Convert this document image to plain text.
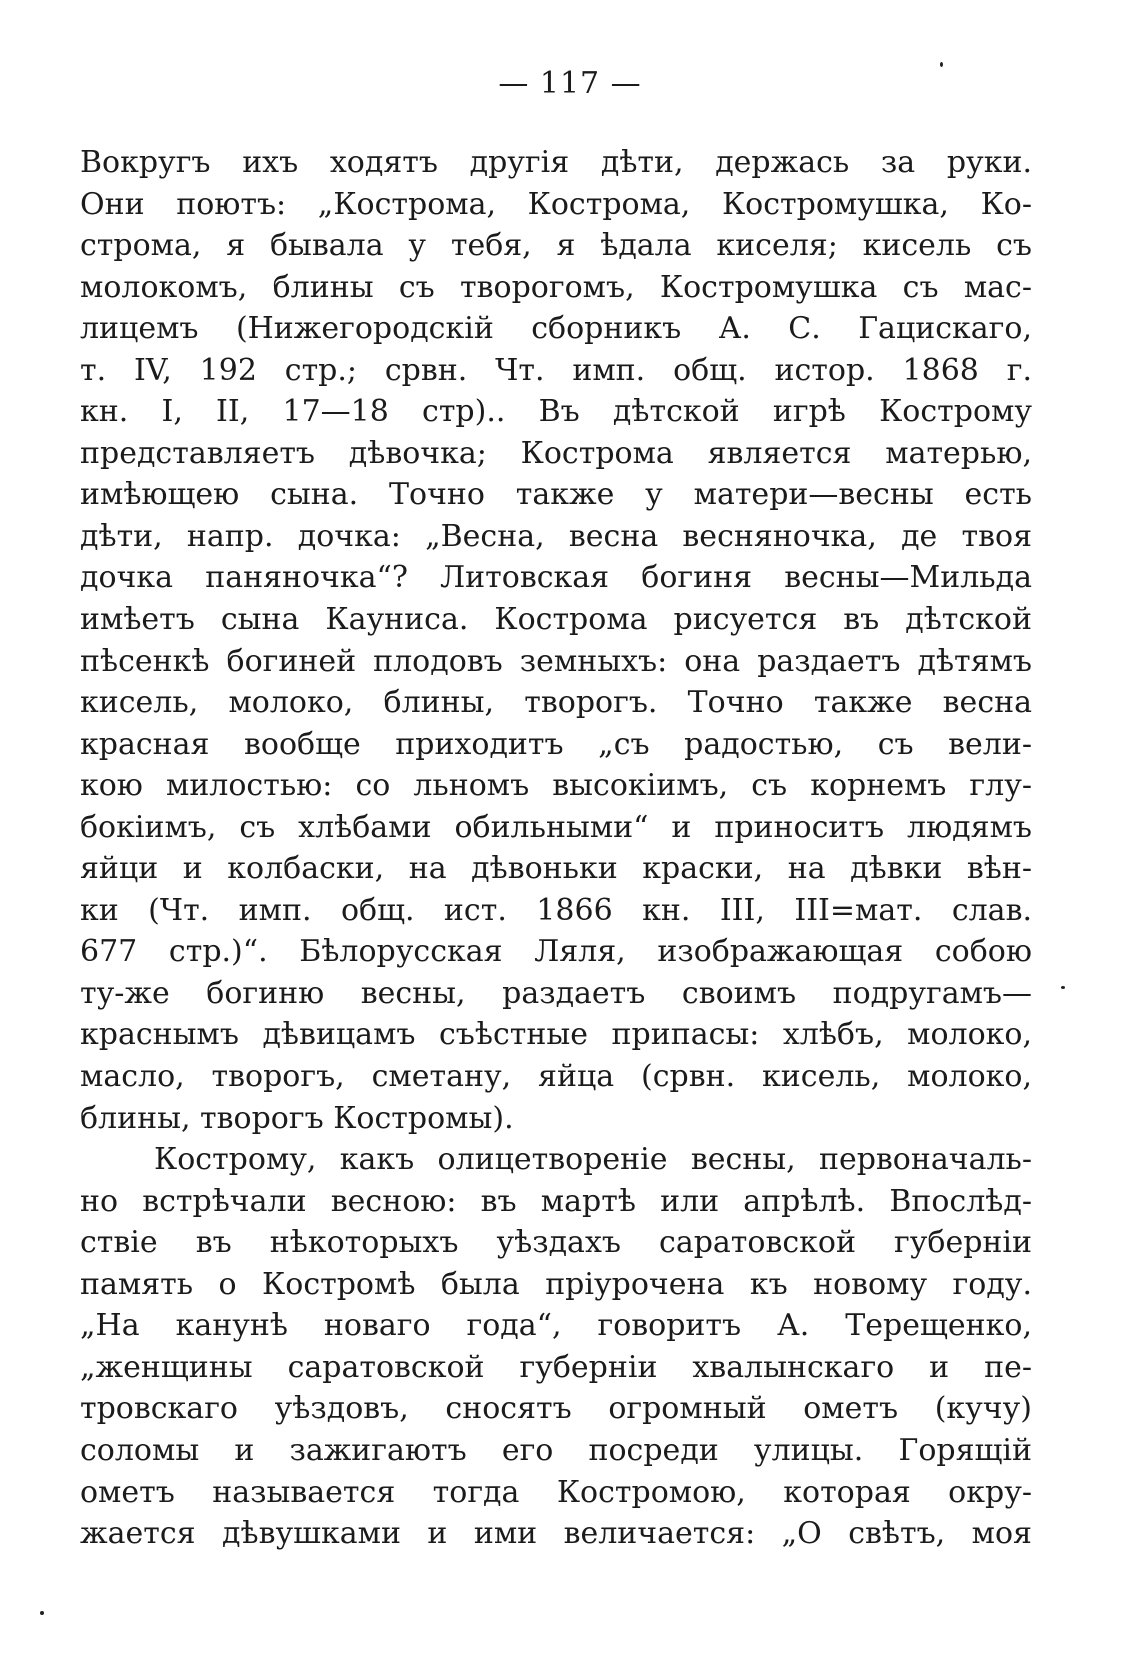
— 117 —
Вокругъ ихъ ходятъ другія дѣти, держась за руки.
Они поютъ: „Кострома, Кострома, Костромушка, Ко-
строма, я бывала у тебя, я ѣдала киселя; кисель съ
молокомъ, блины съ творогомъ, Костромушка съ мас-
лицемъ (Нижегородскій сборникъ А. С. Гацискаго,
т. IV, 192 стр.; срвн. Чт. имп. общ. истор. 1868 г.
кн. I, II, 17—18 стр).. Въ дѣтской игрѣ Кострому
представляетъ дѣвочка; Кострома является матерью,
имѣющею сына. Точно также у матери—весны есть
дѣти, напр. дочка: „Весна, весна весняночка, де твоя
дочка паняночка“? Литовская богиня весны—Мильда
имѣетъ сына Кауниса. Кострома рисуется въ дѣтской
пѣсенкѣ богиней плодовъ земныхъ: она раздаетъ дѣтямъ
кисель, молоко, блины, творогъ. Точно также весна
красная вообще приходитъ „съ радостью, съ вели-
кою милостью: со льномъ высокіимъ, съ корнемъ глу-
бокіимъ, съ хлѣбами обильными“ и приноситъ людямъ
яйци и колбаски, на дѣвоньки краски, на дѣвки вѣн-
ки (Чт. имп. общ. ист. 1866 кн. III, III=мат. слав.
677 стр.)“. Бѣлорусская Ляля, изображающая собою
ту-же богиню весны, раздаетъ своимъ подругамъ—
краснымъ дѣвицамъ съѣстные припасы: хлѣбъ, молоко,
масло, творогъ, сметану, яйца (срвн. кисель, молоко,
блины, творогъ Костромы).
Кострому, какъ олицетвореніе весны, первоначаль-
но встрѣчали весною: въ мартѣ или апрѣлѣ. Впослѣд-
ствіе въ нѣкоторыхъ уѣздахъ саратовской губерніи
память о Костромѣ была пріурочена къ новому году.
„На канунѣ новаго года“, говоритъ А. Терещенко,
„женщины саратовской губерніи хвалынскаго и пе-
тровскаго уѣздовъ, сносятъ огромный ометъ (кучу)
соломы и зажигаютъ его посреди улицы. Горящій
ометъ называется тогда Костромою, которая окру-
жается дѣвушками и ими величается: „О свѣтъ, моя
